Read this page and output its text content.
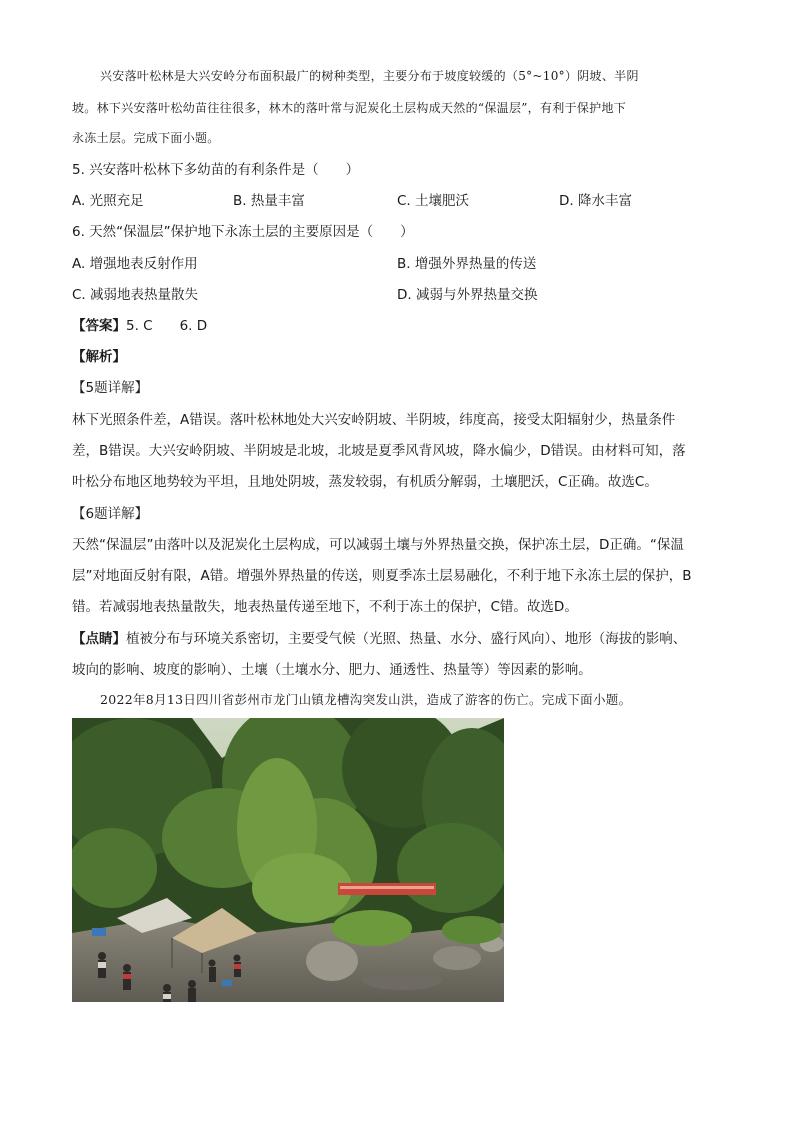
兴安落叶松林是大兴安岭分布面积最广的树种类型，主要分布于坡度较缓的（5°~10°）阴坡、半阴
坡。林下兴安落叶松幼苗往往很多，林木的落叶常与泥炭化土层构成天然的“保温层”，有利于保护地下
永冻土层。完成下面小题。
5. 兴安落叶松林下多幼苗的有利条件是（　　）
A. 光照充足	B. 热量丰富	C. 土壤肥沃	D. 降水丰富
6. 天然“保温层”保护地下永冻土层的主要原因是（　　）
A. 增强地表反射作用	B. 增强外界热量的传送
C. 减弱地表热量散失	D. 减弱与外界热量交换
【答案】5. C　　6. D
【解析】
【5题详解】
林下光照条件差，A错误。落叶松林地处大兴安岭阴坡、半阴坡，纬度高，接受太阳辐射少，热量条件
差，B错误。大兴安岭阴坡、半阴坡是北坡，北坡是夏季风背风坡，降水偏少，D错误。由材料可知，落
叶松分布地区地势较为平坦，且地处阴坡，蒸发较弱，有机质分解弱，土壤肥沃，C正确。故选C。
【6题详解】
天然“保温层”由落叶以及泥炭化土层构成，可以减弱土壤与外界热量交换，保护冻土层，D正确。“保温
层”对地面反射有限，A错。增强外界热量的传送，则夏季冻土层易融化，不利于地下永冻土层的保护，B
错。若减弱地表热量散失，地表热量传递至地下，不利于冻土的保护，C错。故选D。
【点睛】植被分布与环境关系密切，主要受气候（光照、热量、水分、盛行风向）、地形（海拔的影响、
坡向的影响、坡度的影响）、土壤（土壤水分、肥力、通透性、热量等）等因素的影响。
2022年8月13日四川省彭州市龙门山镇龙槽沟突发山洪，造成了游客的伤亡。完成下面小题。
